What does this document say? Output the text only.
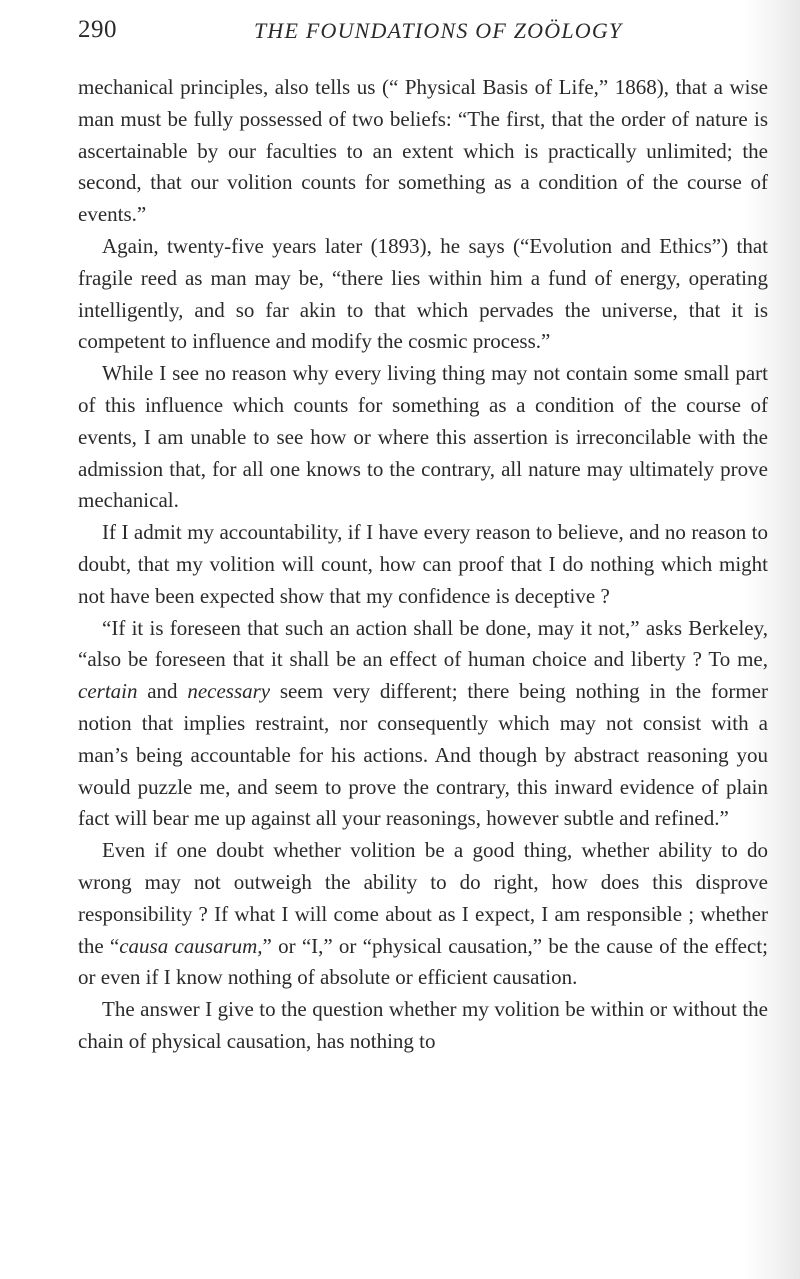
290	THE FOUNDATIONS OF ZOÖLOGY

mechanical principles, also tells us (“ Physical Basis of Life,” 1868), that a wise man must be fully possessed of two beliefs: “The first, that the order of nature is ascertainable by our faculties to an extent which is practically unlimited; the second, that our volition counts for something as a condition of the course of events.”

Again, twenty-five years later (1893), he says (“Evolution and Ethics”) that fragile reed as man may be, “there lies within him a fund of energy, operating intelligently, and so far akin to that which pervades the universe, that it is competent to influence and modify the cosmic process.”

While I see no reason why every living thing may not contain some small part of this influence which counts for something as a condition of the course of events, I am unable to see how or where this assertion is irreconcilable with the admission that, for all one knows to the contrary, all nature may ultimately prove mechanical.

If I admit my accountability, if I have every reason to believe, and no reason to doubt, that my volition will count, how can proof that I do nothing which might not have been expected show that my confidence is deceptive ?

“If it is foreseen that such an action shall be done, may it not,” asks Berkeley, “also be foreseen that it shall be an effect of human choice and liberty ? To me, certain and necessary seem very different; there being nothing in the former notion that implies restraint, nor consequently which may not consist with a man’s being accountable for his actions. And though by abstract reasoning you would puzzle me, and seem to prove the contrary, this inward evidence of plain fact will bear me up against all your reasonings, however subtle and refined.”

Even if one doubt whether volition be a good thing, whether ability to do wrong may not outweigh the ability to do right, how does this disprove responsibility ? If what I will come about as I expect, I am responsible ; whether the “causa causarum,” or “I,” or “physical causation,” be the cause of the effect; or even if I know nothing of absolute or efficient causation.

The answer I give to the question whether my volition be within or without the chain of physical causation, has nothing to
